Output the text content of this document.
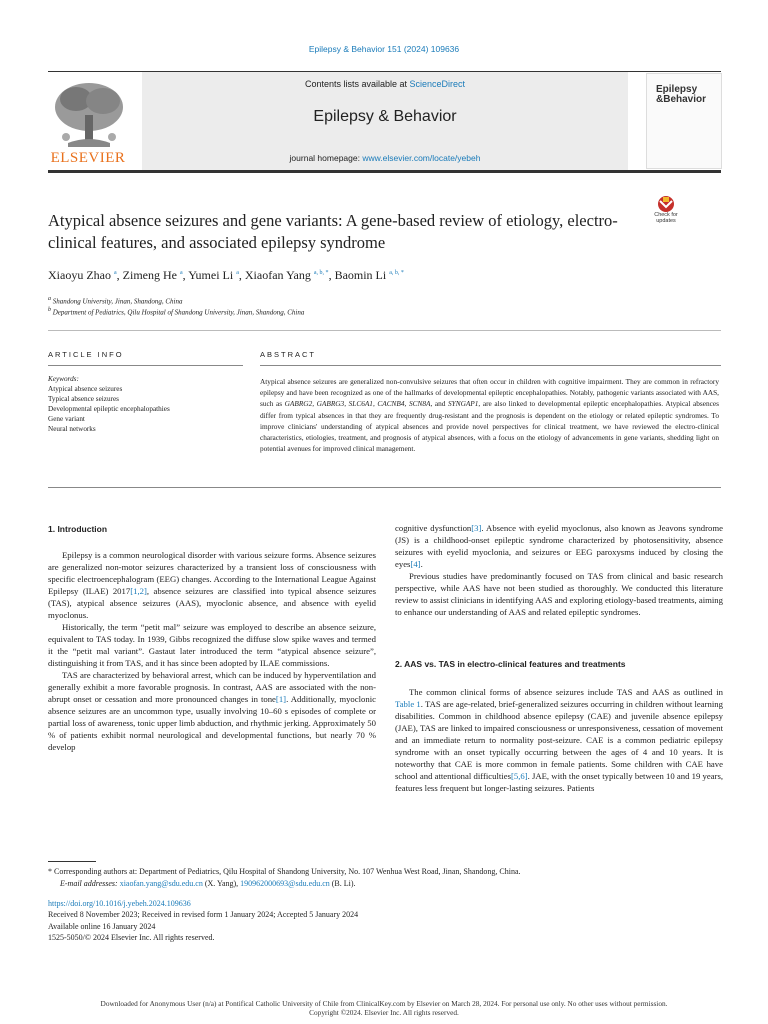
Epilepsy & Behavior 151 (2024) 109636
ELSEVIER
Contents lists available at ScienceDirect
Epilepsy & Behavior
journal homepage: www.elsevier.com/locate/yebeh
Epilepsy
&Behavior
Atypical absence seizures and gene variants: A gene-based review of etiology, electro-clinical features, and associated epilepsy syndrome
Check for updates
Xiaoyu Zhao $^a$, Zimeng He $^a$, Yumei Li $^a$, Xiaofan Yang $^{a, b, *}$, Baomin Li $^{a, b, *}$
$^a$ Shandong University, Jinan, Shandong, China
$^b$ Department of Pediatrics, Qilu Hospital of Shandong University, Jinan, Shandong, China
ARTICLE INFO	ABSTRACT
Keywords:
Atypical absence seizures
Typical absence seizures
Developmental epileptic encephalopathies
Gene variant
Neural networks
Atypical absence seizures are generalized non-convulsive seizures that often occur in children with cognitive impairment. They are common in refractory epilepsy and have been recognized as one of the hallmarks of developmental epileptic encephalopathies. Notably, pathogenic variants associated with AAS, such as GABRG2, GABRG3, SLC6A1, CACNB4, SCN8A, and SYNGAP1, are also linked to developmental epileptic encephalopathies. Atypical absences differ from typical absences in that they are frequently drug-resistant and the prognosis is dependent on the etiology or related epileptic syndromes. To improve clinicians' understanding of atypical absences and provide novel perspectives for clinical treatment, we have reviewed the electro-clinical characteristics, etiologies, treatment, and prognosis of atypical absences, with a focus on the etiology of advancements in gene variants, shedding light on potential avenues for improved clinical management.
1. Introduction

Epilepsy is a common neurological disorder with various seizure forms. Absence seizures are generalized non-motor seizures characterized by a transient loss of consciousness with specific electroencephalogram (EEG) changes. According to the International League Against Epilepsy (ILAE) 2017[1,2], absence seizures are classified into typical absence seizures (TAS), atypical absence seizures (AAS), myoclonic absence, and absence with eyelid myoclonus.

Historically, the term “petit mal” seizure was employed to describe an absence seizure, equivalent to TAS today. In 1939, Gibbs recognized the diffuse slow spike waves and termed it the “petit mal variant”. Gastaut later introduced the term “atypical absence seizure”, distinguishing it from TAS, and it has since been adopted by ILAE commissions.

TAS are characterized by behavioral arrest, which can be induced by hyperventilation and generally exhibit a more favorable prognosis. In contrast, AAS are associated with the non-abrupt onset or cessation and more pronounced changes in tone[1]. Additionally, myoclonic absence seizures are an uncommon type, usually involving 10–60 s episodes of complete or partial loss of awareness, tonic upper limb abduction, and rhythmic jerking. Approximately 50 % of patients exhibit normal neurological and developmental functions, but nearly 70 % develop

cognitive dysfunction[3]. Absence with eyelid myoclonus, also known as Jeavons syndrome (JS) is a childhood-onset epileptic syndrome characterized by photosensitivity, absence seizures with eyelid myoclonia, and seizures or EEG paroxysms induced by closing the eyes[4].

Previous studies have predominantly focused on TAS from clinical and basic research perspective, while AAS have not been studied as thoroughly. We conducted this literature review to assist clinicians in identifying AAS and exploring etiology-based treatments, aiming to enhance our understanding of AAS and related epileptic syndromes.

2. AAS vs. TAS in electro-clinical features and treatments

The common clinical forms of absence seizures include TAS and AAS as outlined in Table 1. TAS are age-related, brief-generalized seizures occurring in children without learning disabilities. Common in childhood absence epilepsy (CAE) and juvenile absence epilepsy (JAE), TAS are linked to impaired consciousness or unresponsiveness, cessation of movement and an immediate return to normality post-seizure. CAE is a common pediatric epilepsy syndrome with an onset typically occurring between the ages of 4 and 10 years. It is noteworthy that CAE is more common in female patients. Some children with CAE have school and attentional difficulties[5,6]. JAE, with the onset typically between 10 and 19 years, features less frequent but longer-lasting seizures. Patients

* Corresponding authors at: Department of Pediatrics, Qilu Hospital of Shandong University, No. 107 Wenhua West Road, Jinan, Shandong, China.
E-mail addresses: xiaofan.yang@sdu.edu.cn (X. Yang), 190962000693@sdu.edu.cn (B. Li).
https://doi.org/10.1016/j.yebeh.2024.109636
Received 8 November 2023; Received in revised form 1 January 2024; Accepted 5 January 2024
Available online 16 January 2024
1525-5050/© 2024 Elsevier Inc. All rights reserved.
Downloaded for Anonymous User (n/a) at Pontifical Catholic University of Chile from ClinicalKey.com by Elsevier on March 28, 2024. For personal use only. No other uses without permission. Copyright ©2024. Elsevier Inc. All rights reserved.
